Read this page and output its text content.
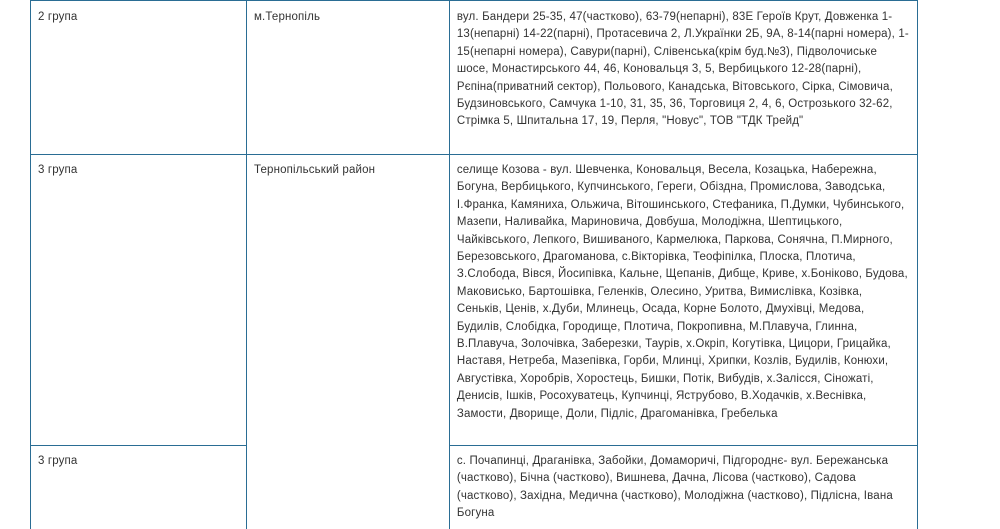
2 група	м.Тернопіль	вул. Бандери 25-35, 47(частково), 63-79(непарні), 83Е Героїв Крут, Довженка 1-13(непарні) 14-22(парні), Протасевича 2, Л.Українки 2Б, 9А, 8-14(парні номера), 1-15(непарні номера), Савури(парні), Слівенська(крім буд.№3), Підволочиське шосе, Монастирського 44, 46, Коновальця 3, 5, Вербицького 12-28(парні), Рєпіна(приватний сектор), Польового, Канадська, Вітовського, Сірка, Сімовича, Будзиновського, Самчука 1-10, 31, 35, 36, Торговиця 2, 4, 6, Острозького 32-62, Стрімка 5, Шпитальна 17, 19, Перля, "Новус", ТОВ "ТДК Трейд"
3 група	Тернопільський район	селище Козова - вул. Шевченка, Коновальця, Весела, Козацька, Набережна, Богуна, Вербицького, Купчинського, Гереги, Обіздна, Промислова, Заводська, І.Франка, Камяниха, Ольжича, Вітошинського, Стефаника, П.Думки, Чубинського, Мазепи, Наливайка, Мариновича, Довбуша, Молодіжна, Шептицького, Чайківського, Лепкого, Вишиваного, Кармелюка, Паркова, Сонячна, П.Мирного, Березовського, Драгоманова, с.Вікторівка, Теофіпілка, Плоска, Плотича, З.Слобода, Вівся, Йосипівка, Кальне, Щепанів, Дибще, Криве, х.Боніково, Будова, Маковисько, Бартошівка, Геленків, Олесино, Уритва, Вимислівка, Козівка, Сеньків, Ценів, х.Дуби, Млинець, Осада, Корне Болото, Дмухівці, Медова, Будилів, Слобідка, Городище, Плотича, Покропивна, М.Плавуча, Глинна, В.Плавуча, Золочівка, Заберезки, Таурів, х.Окріп, Когутівка, Цицори, Грицайка, Наставя, Нетреба, Мазепівка, Горби, Млинці, Хрипки, Козлів, Будилів, Конюхи, Августівка, Хоробрів, Хоростець, Бишки, Потік, Вибудів, х.Залісся, Сіножаті, Денисів, Ішків, Росохуватець, Купчинці, Яструбово, В.Ходачків, х.Веснівка, Замости, Дворище, Доли, Підліс, Драгоманівка, Гребелька
3 група		с. Почапинці, Драганівка, Забойки, Домаморичі, Підгороднє- вул. Бережанська (частково), Бічна (частково), Вишнева, Дачна, Лісова (частково), Садова (частково), Західна, Медична (частково), Молодіжна (частково), Підлісна, Івана Богуна
